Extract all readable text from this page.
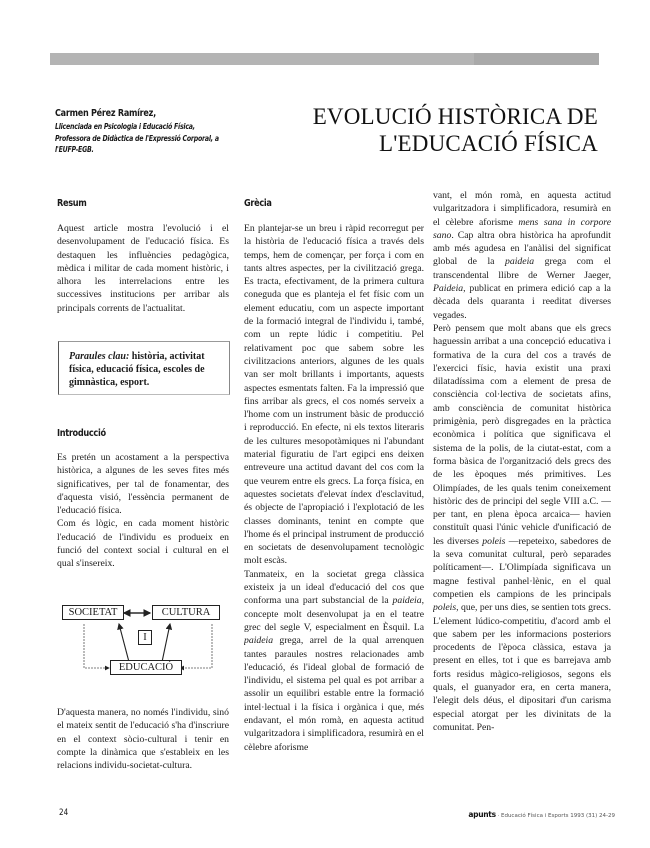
Carmen Pérez Ramírez,
Llicenciada en Psicologia i Educació Física,
Professora de Didàctica de l'Expressió Corporal, a
l'EUFP-EGB.
EVOLUCIÓ HISTÒRICA DE
L'EDUCACIÓ FÍSICA
Resum

Aquest article mostra l'evolució i el desenvolupament de l'educació física. Es destaquen les influències pedagògica, mèdica i militar de cada moment històric, i alhora les interrelacions entre les successives institucions per arribar als principals corrents de l'actualitat.

Paraules clau: història, activitat física, educació física, escoles de gimnàstica, esport.
Introducció

Es pretén un acostament a la perspectiva històrica, a algunes de les seves fites més significatives, per tal de fonamentar, des d'aquesta visió, l'essència permanent de l'educació física.

Com és lògic, en cada moment històric l'educació de l'individu es produeix en funció del context social i cultural en el qual s'insereix.

SOCIETAT	CULTURA
I
EDUCACIÓ

D'aquesta manera, no només l'individu, sinó el mateix sentit de l'educació s'ha d'inscriure en el context sòcio-cultural i tenir en compte la dinàmica que s'estableix en les relacions individu-societat-cultura.

Grècia

En plantejar-se un breu i ràpid recorregut per la història de l'educació física a través dels temps, hem de començar, per força i com en tants altres aspectes, per la civilització grega. Es tracta, efectivament, de la primera cultura coneguda que es planteja el fet físic com un element educatiu, com un aspecte important de la formació integral de l'individu i, també, com un repte lúdic i competitiu. Pel relativament poc que sabem sobre les civilitzacions anteriors, algunes de les quals van ser molt brillants i importants, aquests aspectes esmentats falten. Fa la impressió que fins arribar als grecs, el cos només serveix a l'home com un instrument bàsic de producció i reproducció. En efecte, ni els textos literaris de les cultures mesopotàmiques ni l'abundant material figuratiu de l'art egipci ens deixen entreveure una actitud davant del cos com la que veurem entre els grecs. La força física, en aquestes societats d'elevat índex d'esclavitud, és objecte de l'apropiació i l'explotació de les classes dominants, tenint en compte que l'home és el principal instrument de producció en societats de desenvolupament tecnològic molt escàs.

Tanmateix, en la societat grega clàssica existeix ja un ideal d'educació del cos que conforma una part substancial de la paideia, concepte molt desenvolupat ja en el teatre grec del segle V, especialment en Èsquil. La paideia grega, arrel de la qual arrenquen tantes paraules nostres relacionades amb l'educació, és l'ideal global de formació de l'individu, el sistema pel qual es pot arribar a assolir un equilibri estable entre la formació intel·lectual i la física i orgànica i que, més endavant, el món romà, en aquesta actitud vulgaritzadora i simplificadora, resumirà en el cèlebre aforisme

vant, el món romà, en aquesta actitud vulgaritzadora i simplificadora, resumirà en el cèlebre aforisme mens sana in corpore sano. Cap altra obra històrica ha aprofundit amb més agudesa en l'anàlisi del significat global de la paideia grega com el transcendental llibre de Werner Jaeger, Paideia, publicat en primera edició cap a la dècada dels quaranta i reeditat diverses vegades.

Però pensem que molt abans que els grecs haguessin arribat a una concepció educativa i formativa de la cura del cos a través de l'exercici físic, havia existit una praxi dilatadíssima com a element de presa de consciència col·lectiva de societats afins, amb consciència de comunitat històrica primigènia, però disgregades en la pràctica econòmica i política que significava el sistema de la polis, de la ciutat-estat, com a forma bàsica de l'organització dels grecs des de les èpoques més primitives. Les Olimpíades, de les quals tenim coneixement històric des de principi del segle VIII a.C. —per tant, en plena època arcaica— havien constituït quasi l'únic vehicle d'unificació de les diverses poleis —repeteixo, sabedores de la seva comunitat cultural, però separades políticament—. L'Olimpíada significava un magne festival panhel·lènic, en el qual competien els campions de les principals poleis, que, per uns dies, se sentien tots grecs. L'element lúdico-competitiu, d'acord amb el que sabem per les informacions posteriors procedents de l'època clàssica, estava ja present en elles, tot i que es barrejava amb forts residus màgico-religiosos, segons els quals, el guanyador era, en certa manera, l'elegit dels déus, el dipositari d'un carisma especial atorgat per les divinitats de la comunitat. Pen-

24	apunts · Educació Física i Esports 1993 (31) 24-29
